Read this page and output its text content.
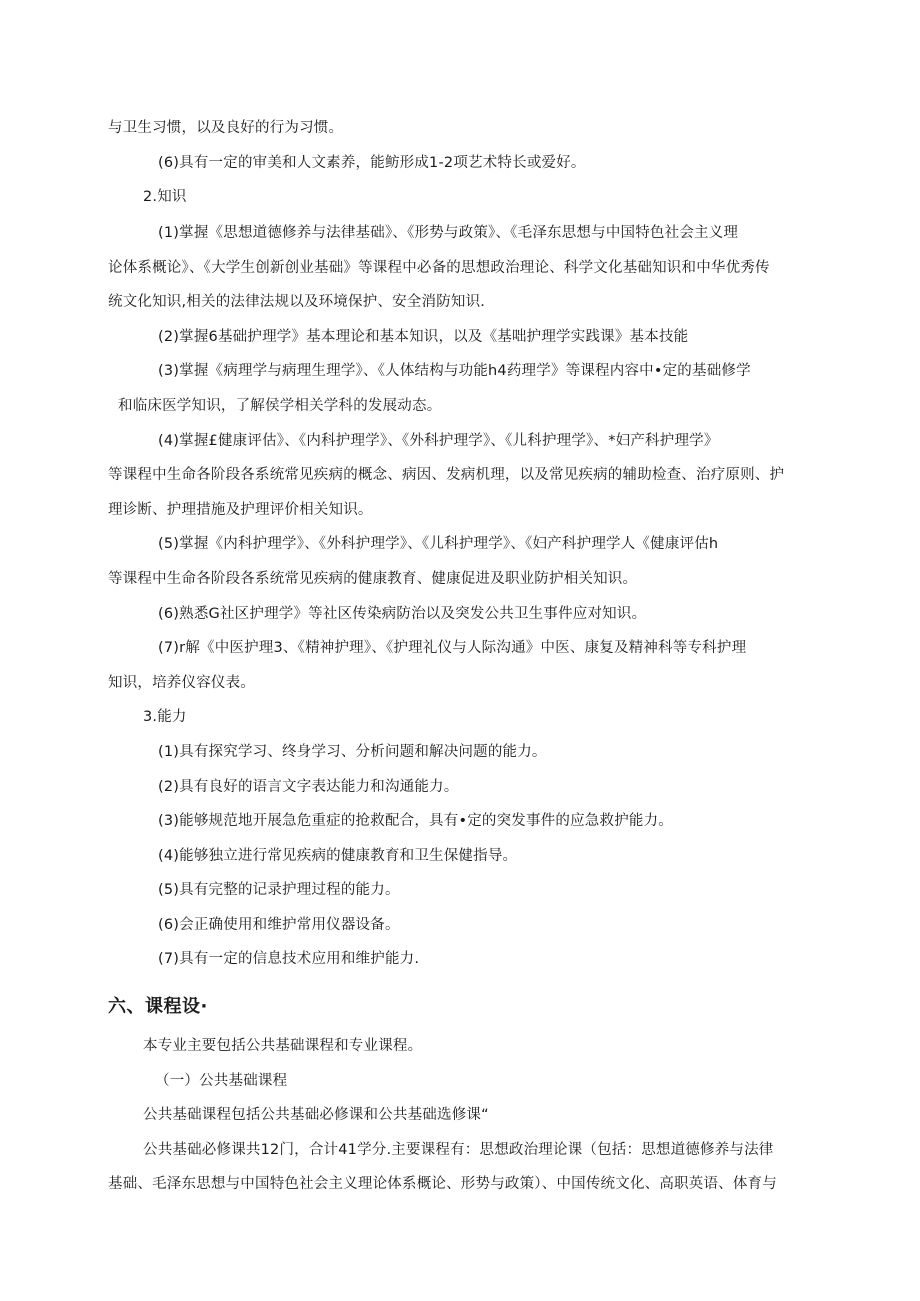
与卫生习惯，以及良好的行为习惯。
(6)具有一定的审美和人文素养，能鲂形成1-2项艺术特长或爱好。
2.知识
(1)掌握《思想道德修养与法律基础》、《形势与政策》、《毛泽东思想与中国特色社会主义理
论体系概论》、《大学生创新创业基础》等课程中必备的思想政治理论、科学文化基础知识和中华优秀传
统文化知识,相关的法律法规以及环境保护、安全消防知识.
(2)掌握6基础护理学》基本理论和基本知识，以及《基咄护理学实践课》基本技能
(3)掌握《病理学与病理生理学》、《人体结构与功能h4药理学》等课程内容中•定的基础修学
和临床医学知识，了解侯学相关学科的发展动态。
(4)掌握£健康评估》、《内科护理学》、《外科护理学》、《儿科护理学》、*妇产科护理学》
等课程中生命各阶段各系统常见疾病的概念、病因、发病机理，以及常见疾病的辅助检查、治疗原则、护
理诊断、护理措施及护理评价相关知识。
(5)掌握《内科护理学》、《外科护理学》、《儿科护理学》、《妇产科护理学人《健康评估h
等课程中生命各阶段各系统常见疾病的健康教育、健康促进及职业防护相关知识。
(6)熟悉G社区护理学》等社区传染病防治以及突发公共卫生事件应对知识。
(7)r解《中医护理3、《精神护理》、《护理礼仪与人际沟通》中医、康复及精神科等专科护理
知识，培养仪容仪表。
3.能力
(1)具有探究学习、终身学习、分析问题和解决问题的能力。
(2)具有良好的语言文字表达能力和沟通能力。
(3)能够规范地开展急危重症的抢救配合，具有•定的突发事件的应急救护能力。
(4)能够独立进行常见疾病的健康教育和卫生保健指导。
(5)具有完整的记录护理过程的能力。
(6)会正确使用和维护常用仪器设备。
(7)具有一定的信息技术应用和维护能力.
六、课程设·
本专业主要包括公共基础课程和专业课程。
（一）公共基础课程
公共基础课程包括公共基础必修课和公共基础选修课“
公共基础必修课共12门，合计41学分.主要课程有：思想政治理论课（包括：思想道德修养与法律
基础、毛泽东思想与中国特色社会主义理论体系概论、形势与政策）、中国传统文化、高职英语、体育与
